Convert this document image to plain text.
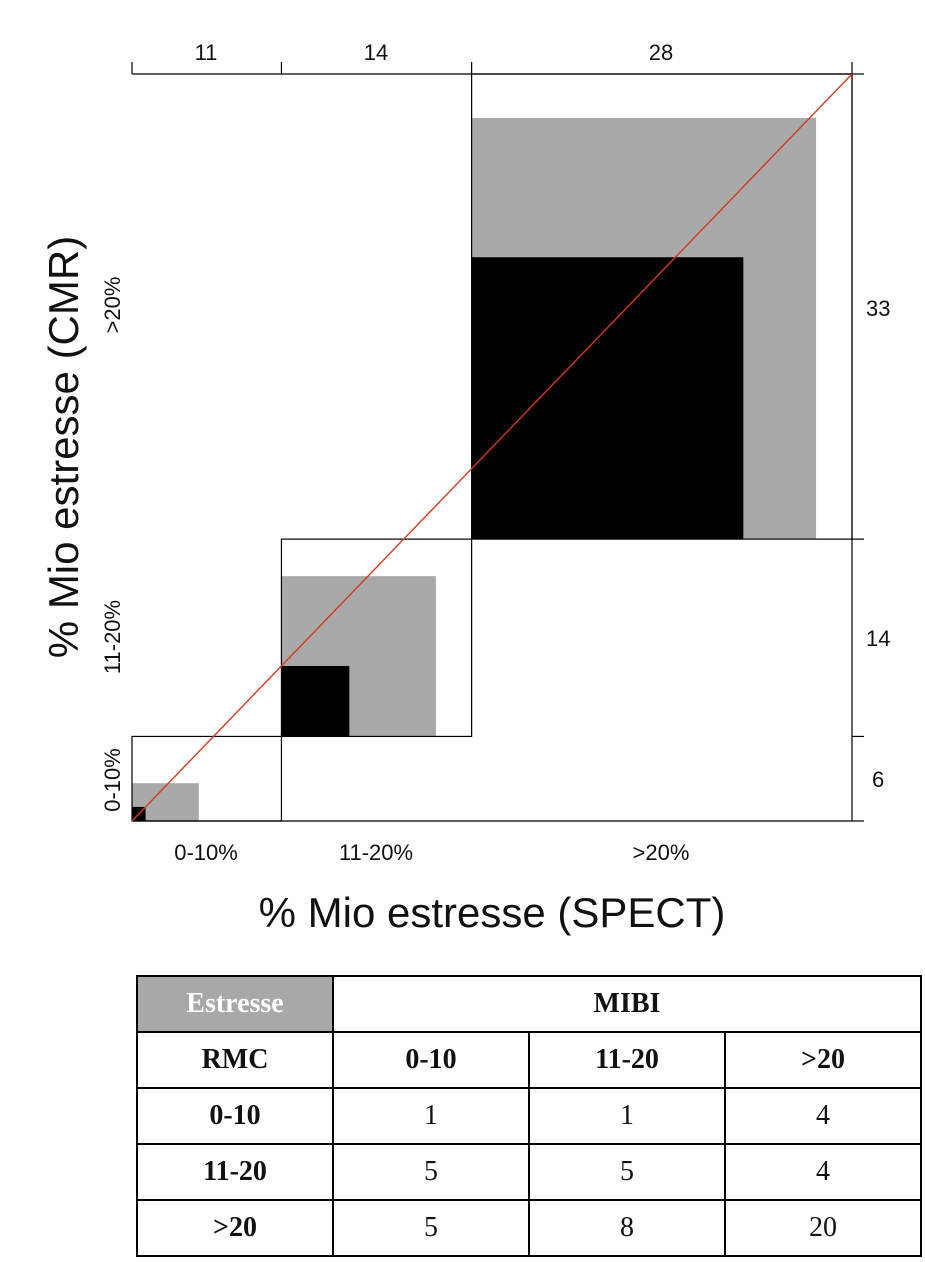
11	14	28
33
14
6
0-10%	11-20%	>20%
0-10%
11-20%
>20%
% Mio estresse (SPECT)
% Mio estresse (CMR)
Estresse	MIBI		
RMC	0-10	11-20	>20
0-10	1	1	4
11-20	5	5	4
>20	5	8	20
